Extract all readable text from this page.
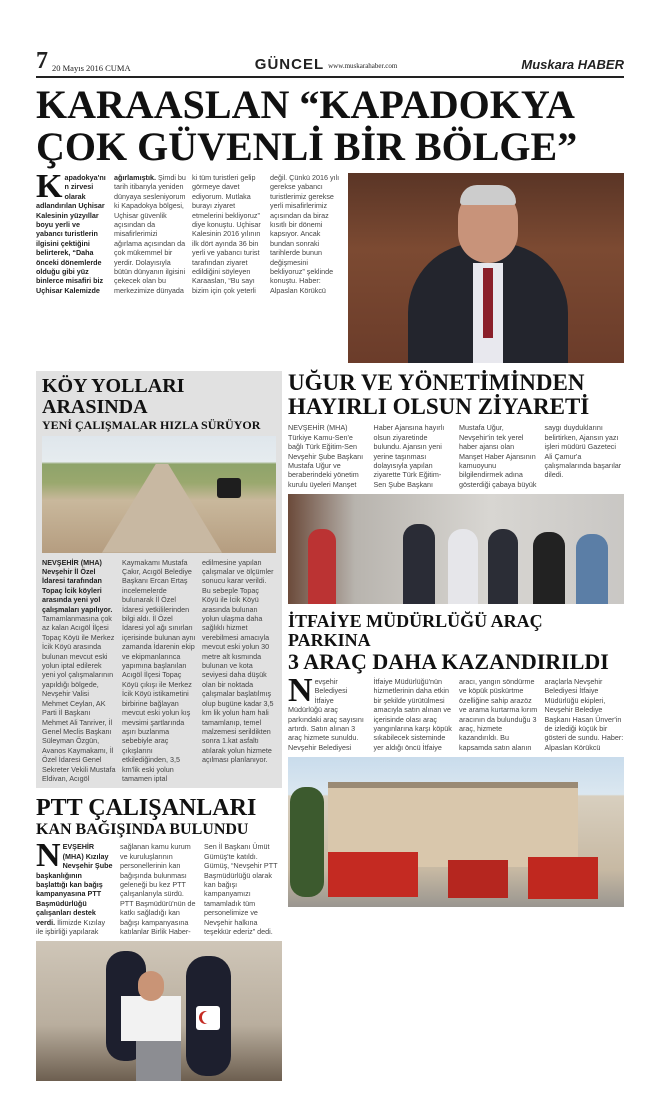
7 20 Mayıs 2016 CUMA	GÜNCEL www.muskarahaber.com	Muskara HABER
KARAASLAN “KAPADOKYA
ÇOK GÜVENLİ BİR BÖLGE”
Kapadokya'nın zirvesi olarak adlandırılan Uçhisar Kalesinin yüzyıllar boyu yerli ve yabancı turistlerin ilgisini çektiğini belirterek, “Daha önceki dönemlerde olduğu gibi yüz binlerce misafiri biz Uçhisar Kalemizde ağırlamıştık. Şimdi bu tarih itibanyla yeniden dünyaya sesleniyorum ki Kapadokya bölgesi, Uçhisar güvenlik açısından da misafirlerimizi ağırlama açısından da çok mükemmel bir yerdir. Dolayısıyla bütün dünyanın ilgisini çekecek olan bu merkezimize dünyada ki tüm turistleri gelip görmeye davet ediyorum. Mutlaka burayı ziyaret etmelerini bekliyoruz” diye konuştu. Uçhisar Kalesinin 2016 yılının ilk dört ayında 36 bin yerli ve yabancı turist tarafından ziyaret edildiğini söyleyen Karaaslan, “Bu sayı bizim için çok yeterli değil. Çünkü 2016 yılı gerekse yabancı turistlerimiz gerekse yerli misafirlerimiz açısından da biraz kısıtlı bir dönemi kapsıyor. Ancak bundan sonraki tarihlerde bunun değişmesini bekliyoruz” şeklinde konuştu. Haber: Alpaslan Körükcü
KÖY YOLLARI ARASINDA
YENİ ÇALIŞMALAR HIZLA SÜRÜYOR
NEVŞEHİR (MHA) Nevşehir İl Özel İdaresi tarafından Topaç İcik köyleri arasında yeni yol çalışmaları yapılıyor. Tamamlanmasına çok az kalan Acıgöl İlçesi Topaç Köyü ile Merkez İcik Köyü arasında bulunan mevcut eski yolun iptal edilerek yeni yol çalışmalarının yapıldığı bölgede, Nevşehir Valisi Mehmet Ceylan, AK Parti İl Başkanı Mehmet Ali Tanriver, İl Genel Meclis Başkanı Süleyman Özgün, Avanos Kaymakamı, İl Özel İdaresi Genel Sekreter Vekili Mustafa Eldivan, Acıgöl Kaymakamı Mustafa Çakır, Acıgöl Belediye Başkanı Ercan Ertaş incelemelerde bulunarak İl Özel İdaresi yetkililerinden bilgi aldı. İl Özel İdaresi yol ağı sınırları içerisinde bulunan aynı zamanda İdarenin ekip ve ekipmanlarınca yapımına başlanılan Acıgöl İlçesi Topaç Köyü çıkışı ile Merkez İcik Köyü istikametini birbirine bağlayan mevcut eski yolun kış mevsimi şartlarında aşırı buzlanma sebebiyle araç çıkışlarını etkilediğinden, 3,5 km'lik eski yolun tamamen iptal edilmesine yapılan çalışmalar ve ölçümler sonucu karar verildi. Bu sebeple Topaç Köyü ile İcik Köyü arasında bulunan yolun ulaşma daha sağlıklı hizmet verebilmesi amacıyla mevcut eski yolun 30 metre alt kısmında bulunan ve kota seviyesi daha düşük olan bir noktada çalışmalar başlatılmış olup bugüne kadar 3,5 km lik yolun ham hali tamamlanıp, temel malzemesi serildikten sonra 1.kat asfaltı atılarak yolun hizmete açılması planlanıyor.
PTT ÇALIŞANLARI
KAN BAĞIŞINDA BULUNDU
NEVŞEHİR (MHA) Kızılay Nevşehir Şube başkanlığının başlattığı kan bağış kampanyasına PTT Başmüdürlüğü çalışanları destek verdi. İlimizde Kızılay ile işbirliği yapılarak sağlanan kamu kurum ve kuruluşlarının personellerinin kan bağışında bulunması geleneği bu kez PTT çalışanlarıyla sürdü. PTT Başmüdürü'nün de katkı sağladığı kan bağışı kampanyasına katılanlar Birlik Haber-Sen İl Başkanı Ümüt Gümüş'te katıldı. Gümüş, “Nevşehir PTT Başmüdürlüğü olarak kan bağışı kampanyamızı tamamladık tüm personelimize ve Nevşehir halkına teşekkür ederiz” dedi.
UĞUR VE YÖNETİMİNDEN
HAYIRLI OLSUN ZİYARETİ
NEVŞEHİR (MHA) Türkiye Kamu-Sen'e bağlı Türk Eğitim-Sen Nevşehir Şube Başkanı Mustafa Uğur ve beraberindeki yönetim kurulu üyeleri Manşet Haber Ajansına hayırlı olsun ziyaretinde bulundu. Ajansın yeni yerine taşınması dolayısıyla yapılan ziyarette Türk Eğitim-Sen Şube Başkanı Mustafa Uğur, Nevşehir'in tek yerel haber ajansı olan Manşet Haber Ajansının kamuoyunu bilgilendirmek adına gösterdiği çabaya büyük saygı duyduklarını belirtirken, Ajansın yazı işleri müdürü Gazeteci Ali Çamur'a çalışmalarında başarılar diledi.
İTFAİYE MÜDÜRLÜĞÜ ARAÇ PARKINA
3 ARAÇ DAHA KAZANDIRILDI
Nevşehir Belediyesi İtfaiye Müdürlüğü araç parkındaki araç sayısını artırdı. Satın alınan 3 araç hizmete sunuldu. Nevşehir Belediyesi İtfaiye Müdürlüğü'nün hizmetlerinin daha etkin bir şekilde yürütülmesi amacıyla satın alınan ve içerisinde olası araç yangınlarına karşı köpük sıkabilecek sisteminde yer aldığı öncü İtfaiye aracı, yangın söndürme ve köpük püskürtme özelliğine sahip arazöz ve arama kurtarma kırım aracının da bulunduğu 3 araç, hizmete kazandırıldı. Bu kapsamda satın alanın araçlarla Nevşehir Belediyesi İtfaiye Müdürlüğü ekipleri, Nevşehir Belediye Başkanı Hasan Ünver'in de izlediği küçük bir gösteri de sundu. Haber: Alpaslan Körükcü
